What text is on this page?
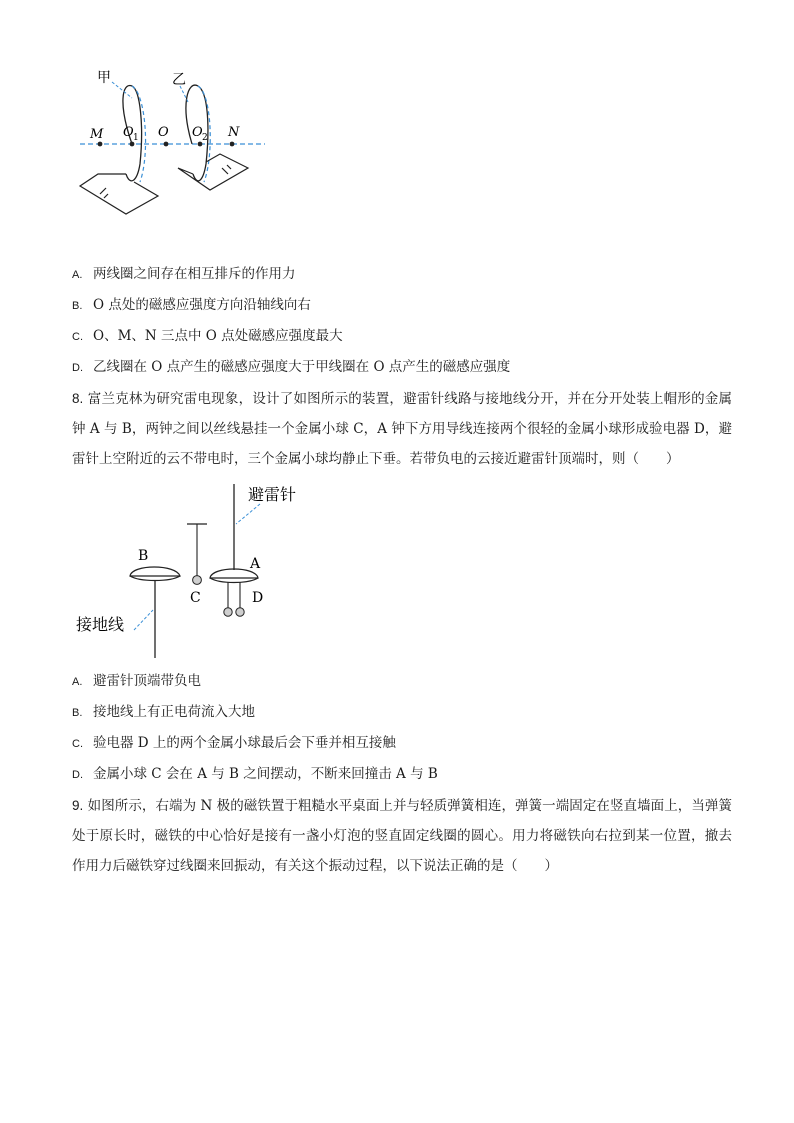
甲	乙
M O 1 O O 2 N
A. 两线圈之间存在相互排斥的作用力
B. O 点处的磁感应强度方向沿轴线向右
C. O、M、N 三点中 O 点处磁感应强度最大
D. 乙线圈在 O 点产生的磁感应强度大于甲线圈在 O 点产生的磁感应强度
8. 富兰克林为研究雷电现象，设计了如图所示的装置，避雷针线路与接地线分开，并在分开处装上帽形的金属钟 A 与 B，两钟之间以丝线悬挂一个金属小球 C，A 钟下方用导线连接两个很轻的金属小球形成验电器 D，避雷针上空附近的云不带电时，三个金属小球均静止下垂。若带负电的云接近避雷针顶端时，则（　　）
避雷针
B	A
C	D
接地线
A. 避雷针顶端带负电
B. 接地线上有正电荷流入大地
C. 验电器 D 上的两个金属小球最后会下垂并相互接触
D. 金属小球 C 会在 A 与 B 之间摆动，不断来回撞击 A 与 B
9. 如图所示，右端为 N 极的磁铁置于粗糙水平桌面上并与轻质弹簧相连，弹簧一端固定在竖直墙面上，当弹簧处于原长时，磁铁的中心恰好是接有一盏小灯泡的竖直固定线圈的圆心。用力将磁铁向右拉到某一位置，撤去作用力后磁铁穿过线圈来回振动，有关这个振动过程，以下说法正确的是（　　）
